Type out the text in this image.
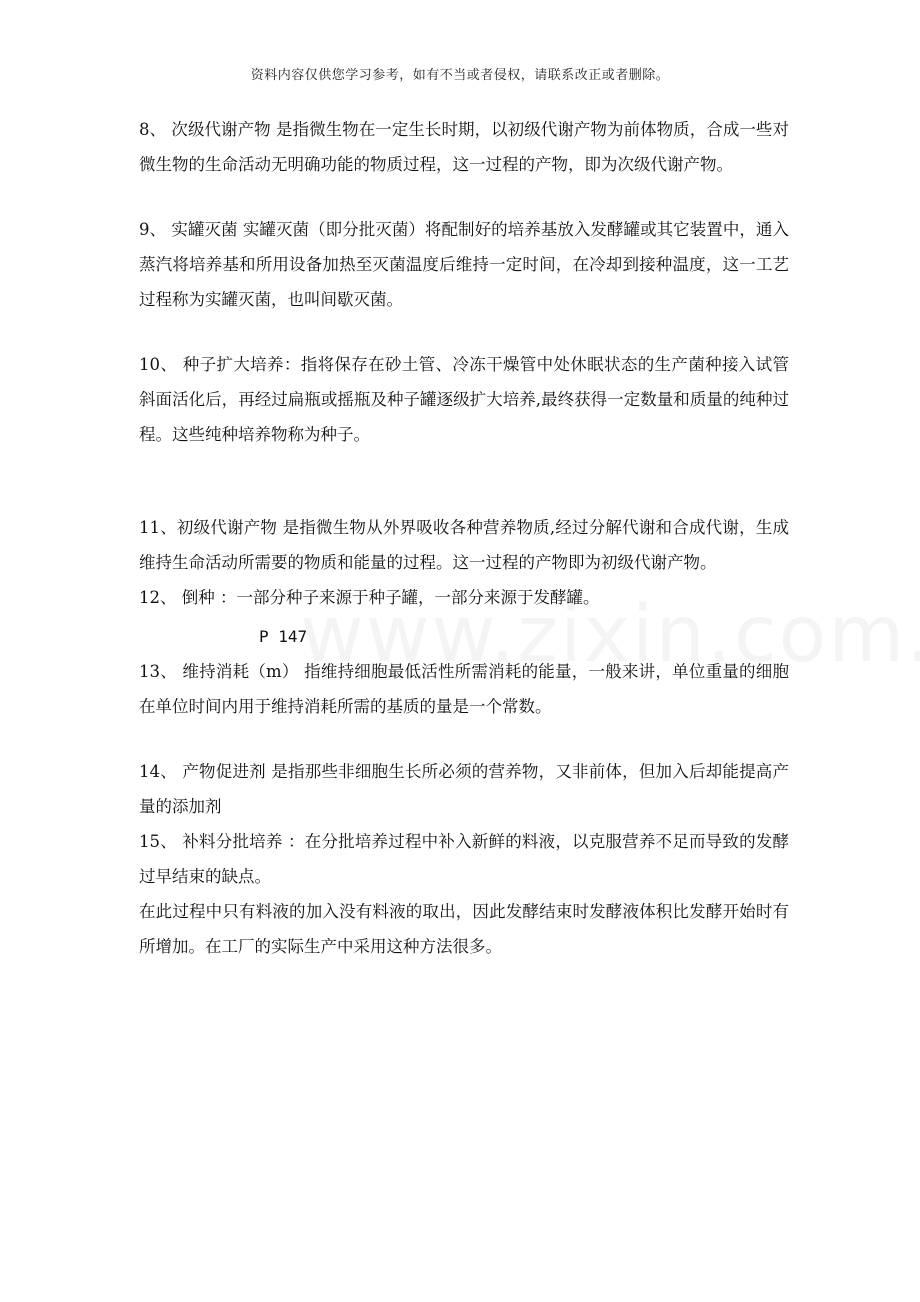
资料内容仅供您学习参考，如有不当或者侵权，请联系改正或者删除。

8、 次级代谢产物 是指微生物在一定生长时期，以初级代谢产物为前体物质，合成一些对微生物的生命活动无明确功能的物质过程，这一过程的产物，即为次级代谢产物。

9、 实罐灭菌 实罐灭菌（即分批灭菌）将配制好的培养基放入发酵罐或其它装置中，通入蒸汽将培养基和所用设备加热至灭菌温度后维持一定时间，在冷却到接种温度，这一工艺过程称为实罐灭菌，也叫间歇灭菌。

10、 种子扩大培养：指将保存在砂土管、冷冻干燥管中处休眠状态的生产菌种接入试管斜面活化后，再经过扁瓶或摇瓶及种子罐逐级扩大培养,最终获得一定数量和质量的纯种过程。这些纯种培养物称为种子。

11、初级代谢产物 是指微生物从外界吸收各种营养物质,经过分解代谢和合成代谢，生成维持生命活动所需要的物质和能量的过程。这一过程的产物即为初级代谢产物。

12、 倒种 ：一部分种子来源于种子罐，一部分来源于发酵罐。

P 147

13、 维持消耗（m） 指维持细胞最低活性所需消耗的能量，一般来讲，单位重量的细胞在单位时间内用于维持消耗所需的基质的量是一个常数。

14、 产物促进剂 是指那些非细胞生长所必须的营养物，又非前体，但加入后却能提高产量的添加剂

15、 补料分批培养 ：在分批培养过程中补入新鲜的料液，以克服营养不足而导致的发酵过早结束的缺点。

在此过程中只有料液的加入没有料液的取出，因此发酵结束时发酵液体积比发酵开始时有所增加。在工厂的实际生产中采用这种方法很多。
